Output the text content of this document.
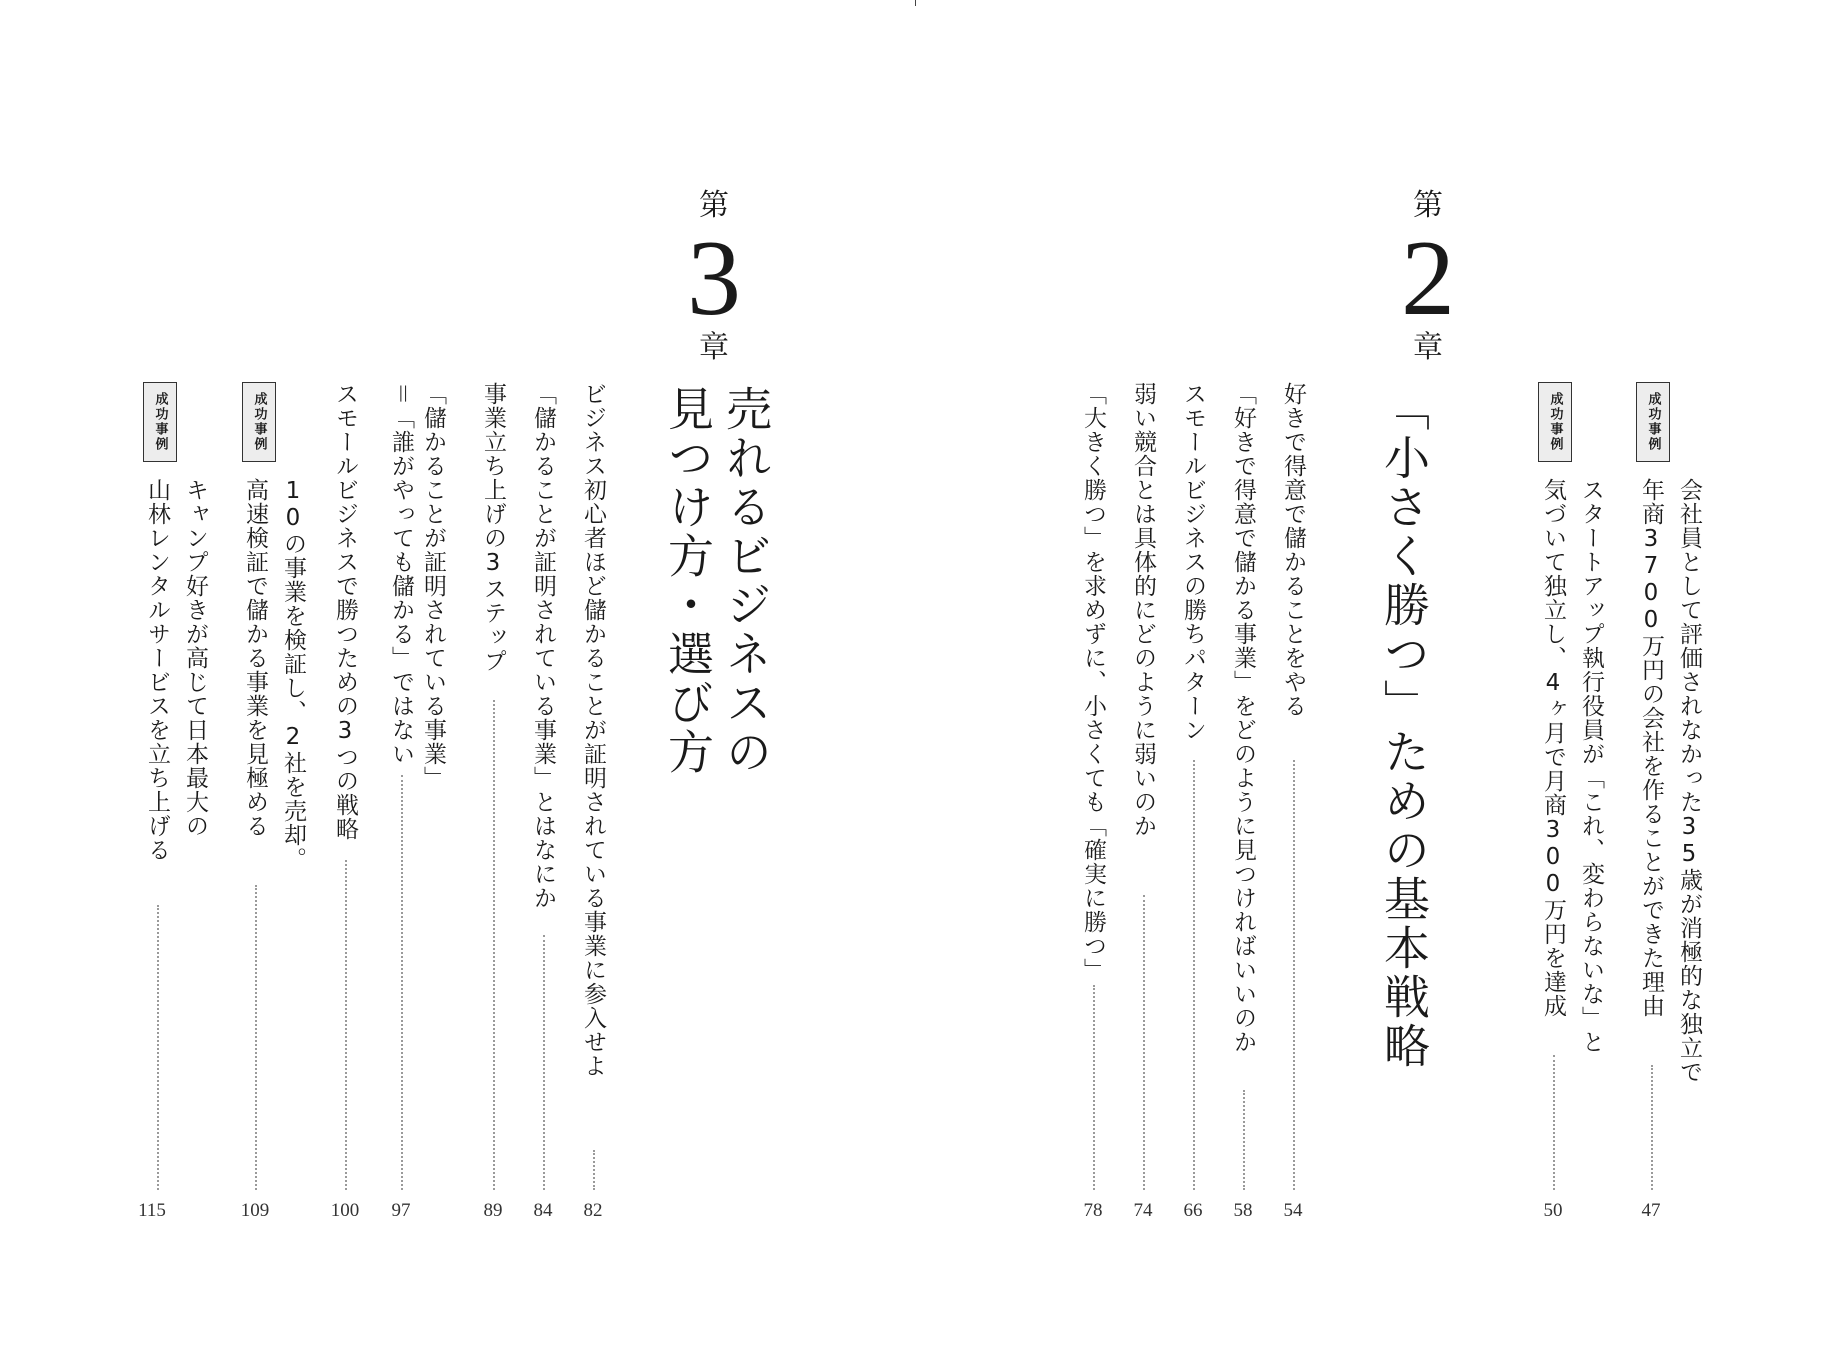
第
3
章
売れるビジネスの
見つけ方・選び方
ビジネス初心者ほど儲かることが証明されている事業に参入せよ
82
「儲かることが証明されている事業」とはなにか
84
事業立ち上げの3ステップ
89
「儲かることが証明されている事業」
＝「誰がやっても儲かる」ではない
97
スモールビジネスで勝つための3つの戦略
100
成功事例
10の事業を検証し、2社を売却。
高速検証で儲かる事業を見極める
109
成功事例
キャンプ好きが高じて日本最大の
山林レンタルサービスを立ち上げる
115
第
2
章
「小さく勝つ」ための基本戦略	成功事例
会社員として評価されなかった35歳が消極的な独立で
年商3700万円の会社を作ることができた理由
47
成功事例
スタートアップ執行役員が「これ、変わらないな」と
気づいて独立し、4ヶ月で月商300万円を達成
50
好きで得意で儲かることをやる
54
「好きで得意で儲かる事業」をどのように見つければいいのか
58
スモールビジネスの勝ちパターン
66
弱い競合とは具体的にどのように弱いのか
74
「大きく勝つ」を求めずに、小さくても「確実に勝つ」
78
